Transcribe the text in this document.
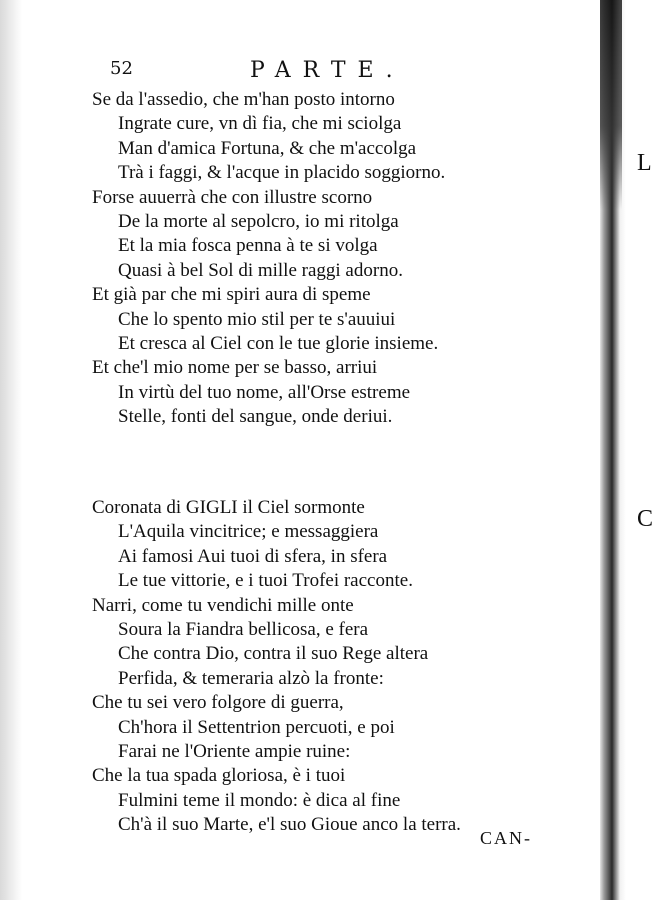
L
C
52	PARTE.
Se da l'assedio, che m'han posto intorno
Ingrate cure, vn dì fia, che mi sciolga
Man d'amica Fortuna, & che m'accolga
Trà i faggi, & l'acque in placido soggiorno.
Forse auuerrà che con illustre scorno
De la morte al sepolcro, io mi ritolga
Et la mia fosca penna à te si volga
Quasi à bel Sol di mille raggi adorno.
Et già par che mi spiri aura di speme
Che lo spento mio stil per te s'auuiui
Et cresca al Ciel con le tue glorie insieme.
Et che'l mio nome per se basso, arriui
In virtù del tuo nome, all'Orse estreme
Stelle, fonti del sangue, onde deriui.
Coronata di GIGLI il Ciel sormonte
L'Aquila vincitrice; e messaggiera
Ai famosi Aui tuoi di sfera, in sfera
Le tue vittorie, e i tuoi Trofei racconte.
Narri, come tu vendichi mille onte
Soura la Fiandra bellicosa, e fera
Che contra Dio, contra il suo Rege altera
Perfida, & temeraria alzò la fronte:
Che tu sei vero folgore di guerra,
Ch'hora il Settentrion percuoti, e poi
Farai ne l'Oriente ampie ruine:
Che la tua spada gloriosa, è i tuoi
Fulmini teme il mondo: è dica al fine
Ch'à il suo Marte, e'l suo Gioue anco la terra.
CAN-
